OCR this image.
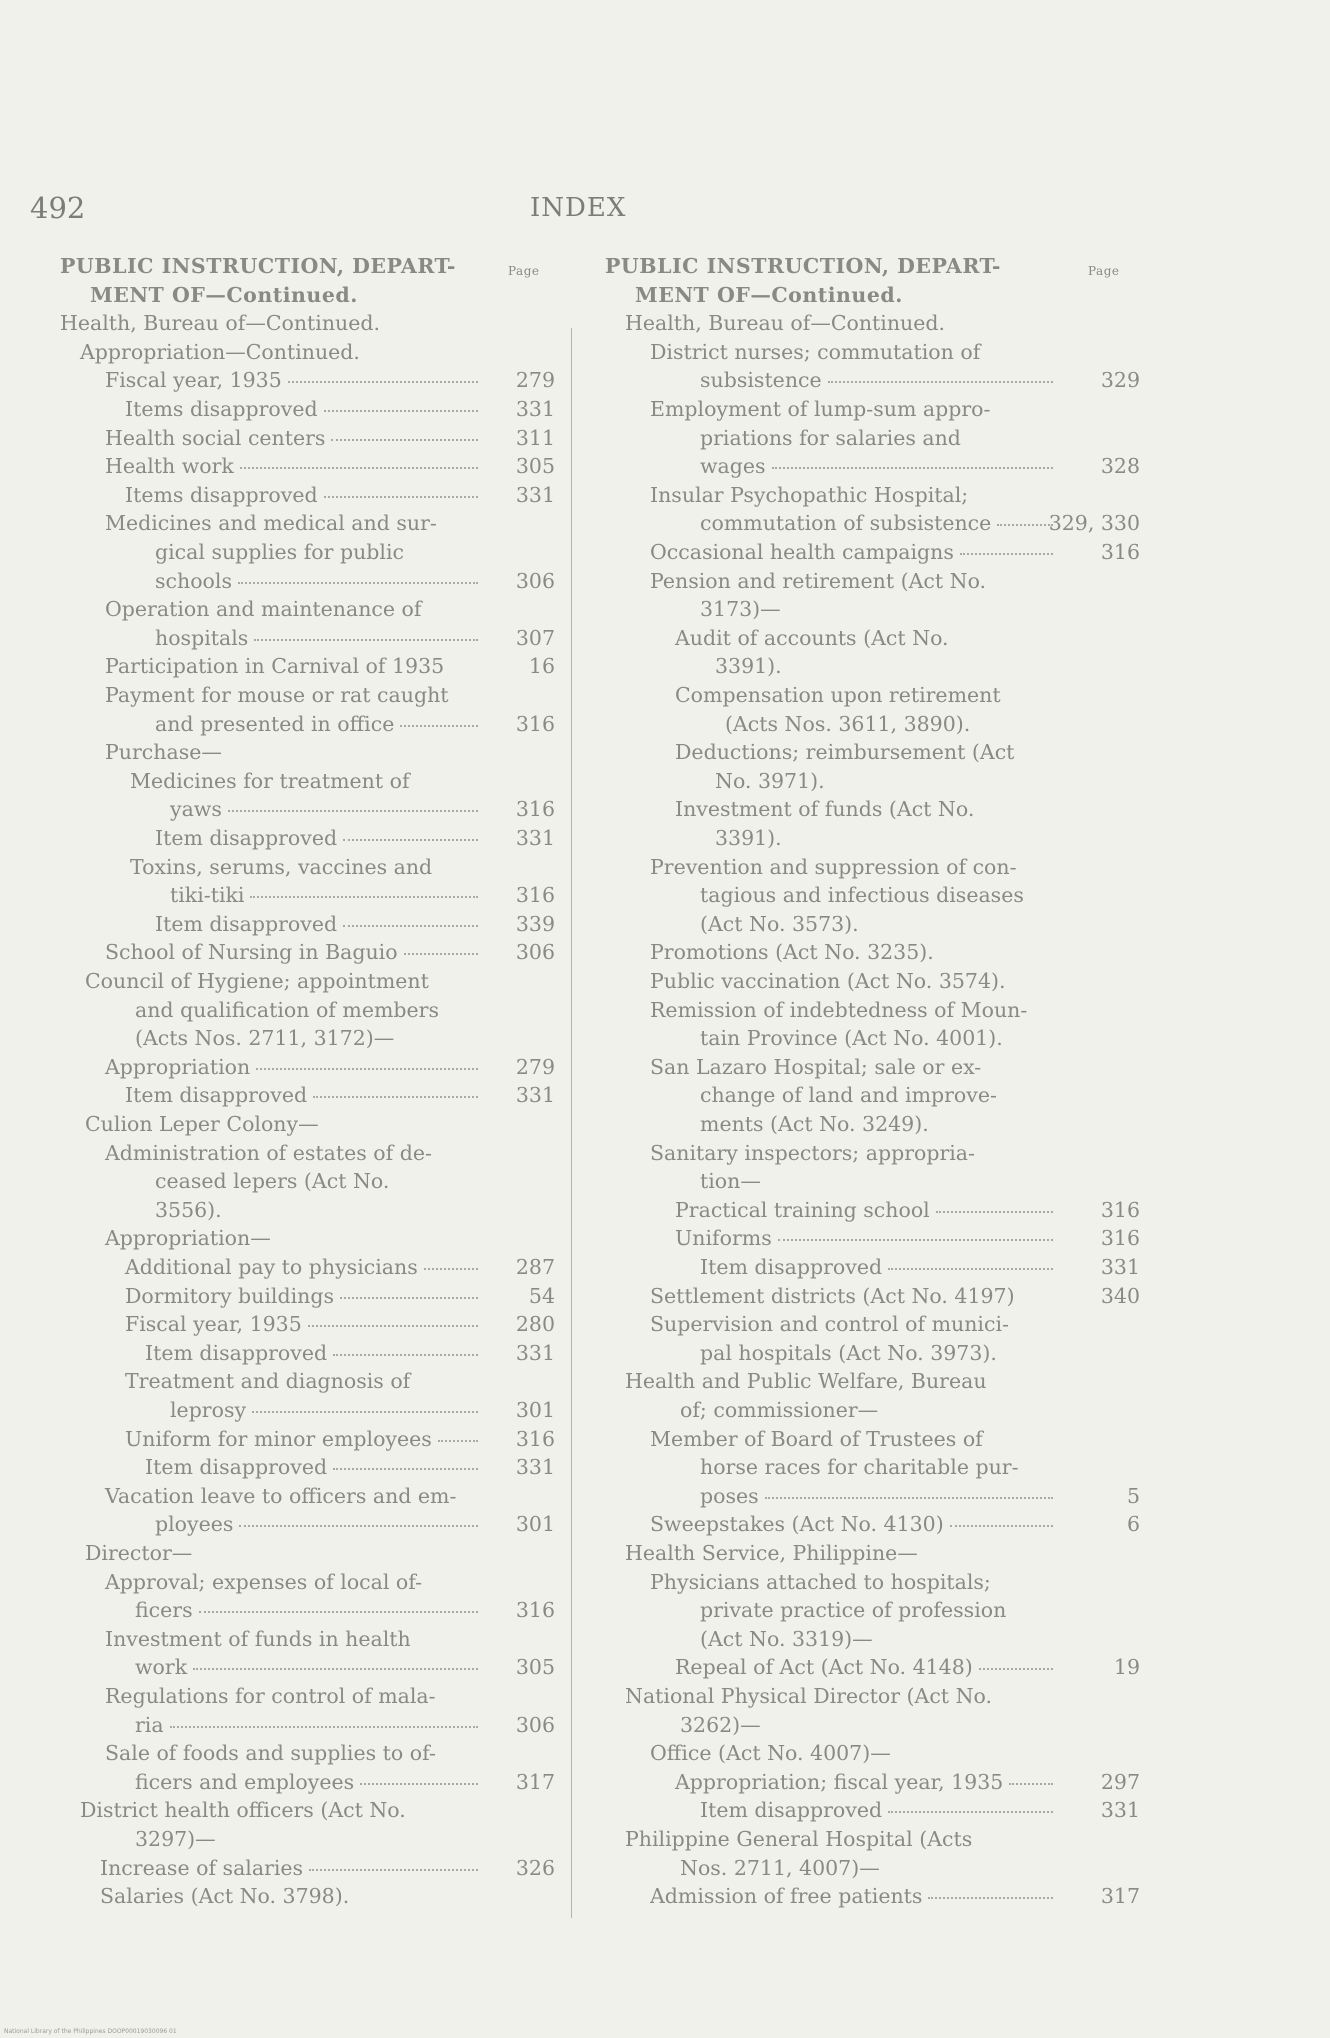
492	INDEX
Page	Page
National Library of the Philippines DOOP00019030096 01
PUBLIC INSTRUCTION, DEPART-
MENT OF—Continued.
Health, Bureau of—Continued.
Appropriation—Continued.
Fiscal year, 1935	279
Items disapproved	331
Health social centers	311
Health work	305
Items disapproved	331
Medicines and medical and sur-
gical supplies for public
schools	306
Operation and maintenance of
hospitals	307
Participation in Carnival of 1935	16
Payment for mouse or rat caught
and presented in office	316
Purchase—
Medicines for treatment of
yaws	316
Item disapproved	331
Toxins, serums, vaccines and
tiki-tiki	316
Item disapproved	339
School of Nursing in Baguio	306
Council of Hygiene; appointment
and qualification of members
(Acts Nos. 2711, 3172)—
Appropriation	279
Item disapproved	331
Culion Leper Colony—
Administration of estates of de-
ceased lepers (Act No.
3556).
Appropriation—
Additional pay to physicians	287
Dormitory buildings	54
Fiscal year, 1935	280
Item disapproved	331
Treatment and diagnosis of
leprosy	301
Uniform for minor employees	316
Item disapproved	331
Vacation leave to officers and em-
ployees	301
Director—
Approval; expenses of local of-
ficers	316
Investment of funds in health
work	305
Regulations for control of mala-
ria	306
Sale of foods and supplies to of-
ficers and employees	317
District health officers (Act No.
3297)—
Increase of salaries	326
Salaries (Act No. 3798).
PUBLIC INSTRUCTION, DEPART-
MENT OF—Continued.
Health, Bureau of—Continued.
District nurses; commutation of
subsistence	329
Employment of lump-sum appro-
priations for salaries and
wages	328
Insular Psychopathic Hospital;
commutation of subsistence	329, 330
Occasional health campaigns	316
Pension and retirement (Act No.
3173)—
Audit of accounts (Act No.
3391).
Compensation upon retirement
(Acts Nos. 3611, 3890).
Deductions; reimbursement (Act
No. 3971).
Investment of funds (Act No.
3391).
Prevention and suppression of con-
tagious and infectious diseases
(Act No. 3573).
Promotions (Act No. 3235).
Public vaccination (Act No. 3574).
Remission of indebtedness of Moun-
tain Province (Act No. 4001).
San Lazaro Hospital; sale or ex-
change of land and improve-
ments (Act No. 3249).
Sanitary inspectors; appropria-
tion—
Practical training school	316
Uniforms	316
Item disapproved	331
Settlement districts (Act No. 4197)	340
Supervision and control of munici-
pal hospitals (Act No. 3973).
Health and Public Welfare, Bureau
of; commissioner—
Member of Board of Trustees of
horse races for charitable pur-
poses	5
Sweepstakes (Act No. 4130)	6
Health Service, Philippine—
Physicians attached to hospitals;
private practice of profession
(Act No. 3319)—
Repeal of Act (Act No. 4148)	19
National Physical Director (Act No.
3262)—
Office (Act No. 4007)—
Appropriation; fiscal year, 1935	297
Item disapproved	331
Philippine General Hospital (Acts
Nos. 2711, 4007)—
Admission of free patients	317
